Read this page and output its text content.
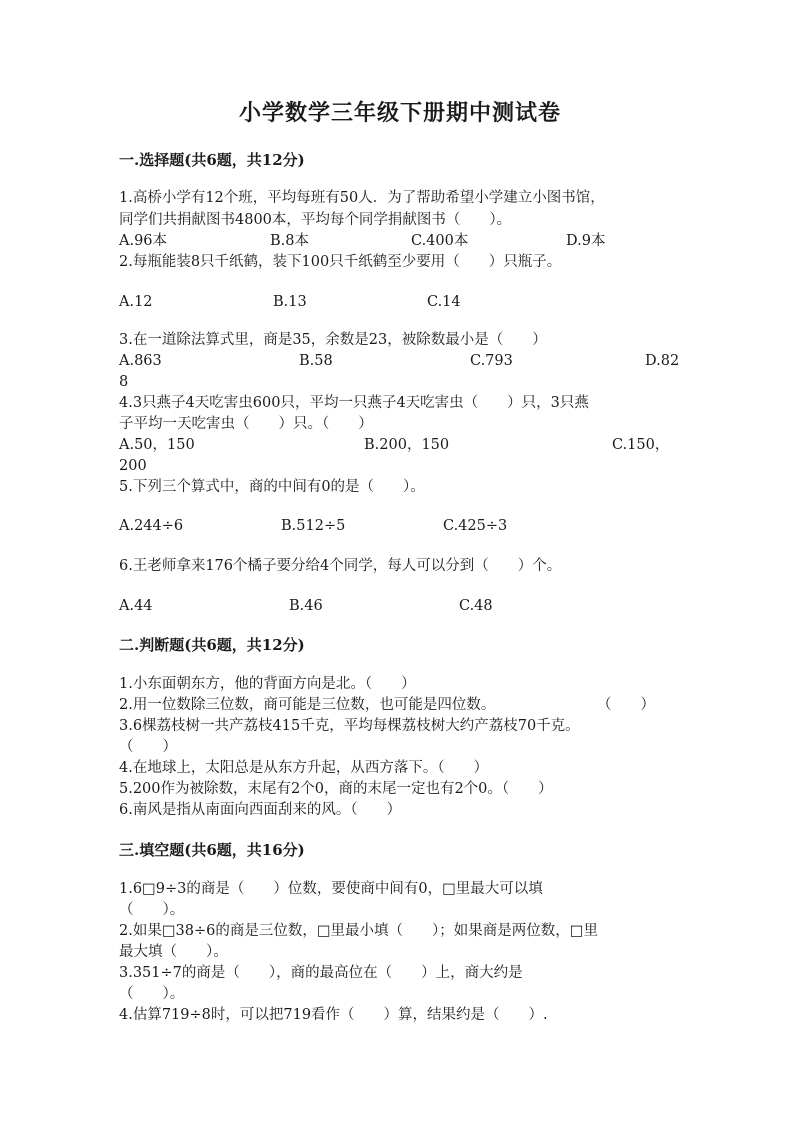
小学数学三年级下册期中测试卷
一.选择题(共6题，共12分)
1.高桥小学有12个班，平均每班有50人．为了帮助希望小学建立小图书馆，
同学们共捐献图书4800本，平均每个同学捐献图书（　　）。
A.96本	B.8本	C.400本	D.9本
2.每瓶能装8只千纸鹤，装下100只千纸鹤至少要用（　　）只瓶子。
A.12	B.13	C.14
3.在一道除法算式里，商是35，余数是23，被除数最小是（　　）
A.863	B.58	C.793	D.82
8
4.3只燕子4天吃害虫600只，平均一只燕子4天吃害虫（　　）只，3只燕
子平均一天吃害虫（　　）只。（　　）
A.50，150	B.200，150	C.150，
200
5.下列三个算式中，商的中间有0的是（　　）。
A.244÷6	B.512÷5	C.425÷3
6.王老师拿来176个橘子要分给4个同学，每人可以分到（　　）个。
A.44	B.46	C.48
二.判断题(共6题，共12分)
1.小东面朝东方，他的背面方向是北。（　　）
2.用一位数除三位数，商可能是三位数，也可能是四位数。	（　　）
3.6棵荔枝树一共产荔枝415千克，平均每棵荔枝树大约产荔枝70千克。
（　　）
4.在地球上，太阳总是从东方升起，从西方落下。（　　）
5.200作为被除数，末尾有2个0，商的末尾一定也有2个0。（　　）
6.南风是指从南面向西面刮来的风。（　　）
三.填空题(共6题，共16分)
1.6□9÷3的商是（　　）位数，要使商中间有0，□里最大可以填
（　　）。
2.如果□38÷6的商是三位数，□里最小填（　　）；如果商是两位数，□里
最大填（　　）。
3.351÷7的商是（　　），商的最高位在（　　）上，商大约是
（　　）。
4.估算719÷8时，可以把719看作（　　）算，结果约是（　　）.
